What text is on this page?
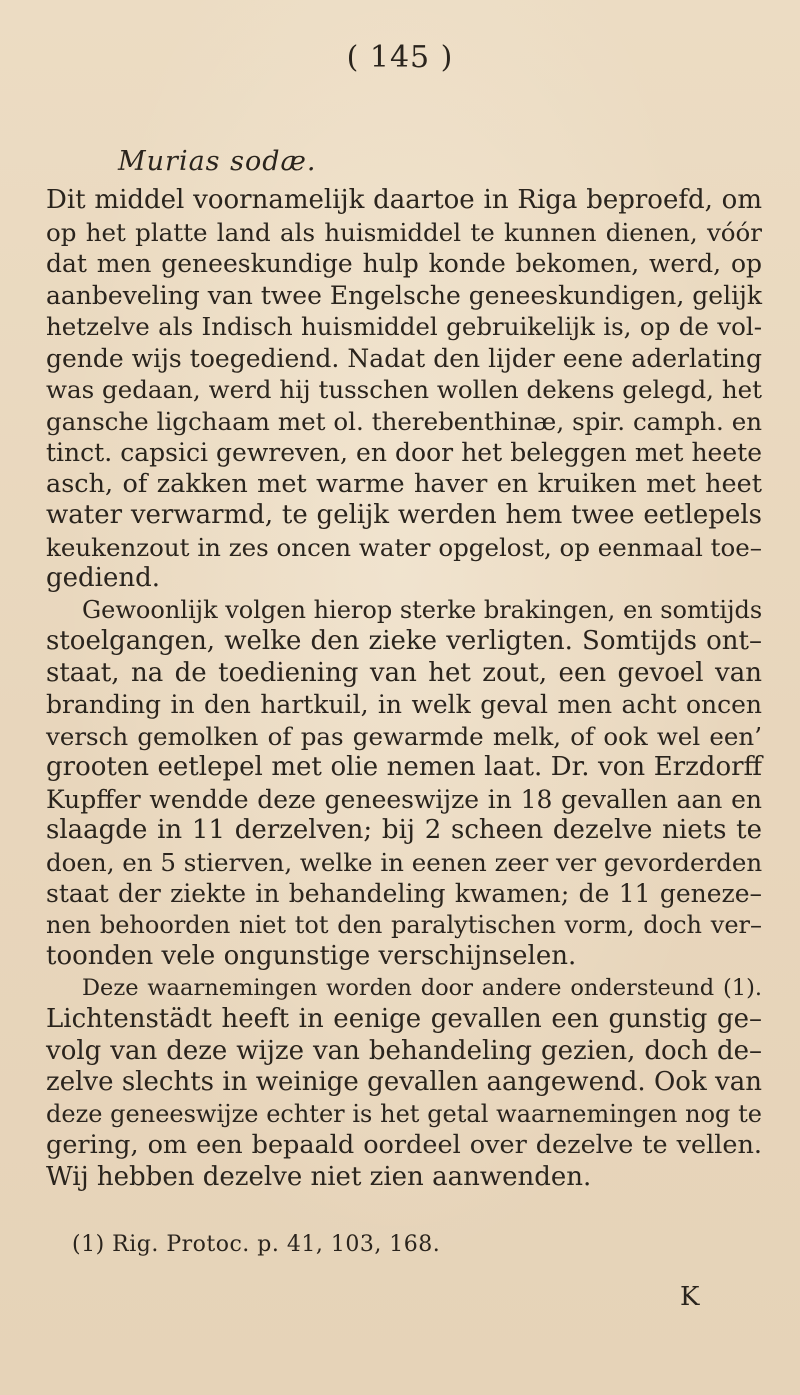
( 145 )
Murias sodæ.
Dit middel voornamelijk daartoe in Riga beproefd, om
op het platte land als huismiddel te kunnen dienen, vóór
dat men geneeskundige hulp konde bekomen, werd, op
aanbeveling van twee Engelsche geneeskundigen, gelijk
hetzelve als Indisch huismiddel gebruikelijk is, op de vol-
gende wijs toegediend. Nadat den lijder eene aderlating
was gedaan, werd hij tusschen wollen dekens gelegd, het
gansche ligchaam met ol. therebenthinæ, spir. camph. en
tinct. capsici gewreven, en door het beleggen met heete
asch, of zakken met warme haver en kruiken met heet
water verwarmd, te gelijk werden hem twee eetlepels
keukenzout in zes oncen water opgelost, op eenmaal toe–
gediend.
Gewoonlijk volgen hierop sterke brakingen, en somtijds
stoelgangen, welke den zieke verligten. Somtijds ont–
staat, na de toediening van het zout, een gevoel van
branding in den hartkuil, in welk geval men acht oncen
versch gemolken of pas gewarmde melk, of ook wel een’
grooten eetlepel met olie nemen laat. Dr. von Erzdorff
Kupffer wendde deze geneeswijze in 18 gevallen aan en
slaagde in 11 derzelven; bij 2 scheen dezelve niets te
doen, en 5 stierven, welke in eenen zeer ver gevorderden
staat der ziekte in behandeling kwamen; de 11 geneze–
nen behoorden niet tot den paralytischen vorm, doch ver–
toonden vele ongunstige verschijnselen.
Deze waarnemingen worden door andere ondersteund (1).
Lichtenstädt heeft in eenige gevallen een gunstig ge–
volg van deze wijze van behandeling gezien, doch de–
zelve slechts in weinige gevallen aangewend. Ook van
deze geneeswijze echter is het getal waarnemingen nog te
gering, om een bepaald oordeel over dezelve te vellen.
Wij hebben dezelve niet zien aanwenden.
(1) Rig. Protoc. p. 41, 103, 168.
K
